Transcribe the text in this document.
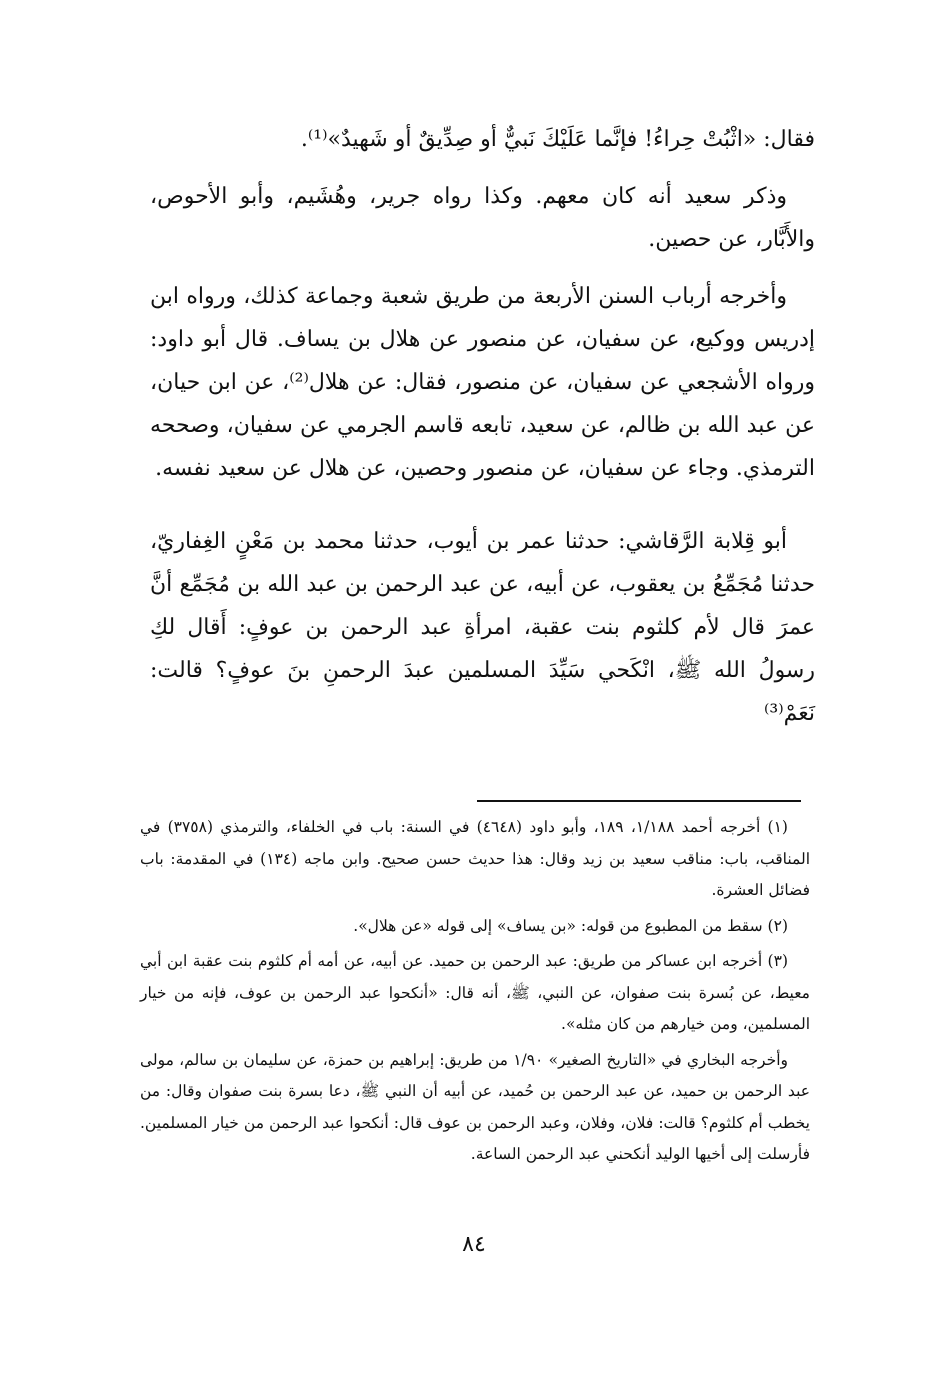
فقال: «اثْبُتْ حِراءُ! فإنَّما عَلَيْكَ نَبيٌّ أو صِدِّيقٌ أو شَهيدٌ»⁽¹⁾.

وذكر سعيد أنه كان معهم. وكذا رواه جرير، وهُشَيم، وأبو الأحوص، والأَبَّار، عن حصين.

وأخرجه أرباب السنن الأربعة من طريق شعبة وجماعة كذلك، ورواه ابن إدريس ووكيع، عن سفيان، عن منصور عن هلال بن يساف. قال أبو داود: ورواه الأشجعي عن سفيان، عن منصور، فقال: عن هلال⁽²⁾، عن ابن حيان، عن عبد الله بن ظالم، عن سعيد، تابعه قاسم الجرمي عن سفيان، وصححه الترمذي. وجاء عن سفيان، عن منصور وحصين، عن هلال عن سعيد نفسه.

أبو قِلابة الرَّقاشي: حدثنا عمر بن أيوب، حدثنا محمد بن مَعْنٍ الغِفاريّ، حدثنا مُجَمِّعُ بن يعقوب، عن أبيه، عن عبد الرحمن بن عبد الله بن مُجَمِّع أنَّ عمرَ قال لأم كلثوم بنت عقبة، امرأةِ عبد الرحمن بن عوفٍ: أَقال لكِ رسولُ الله ﷺ، انْكَحي سَيِّدَ المسلمين عبدَ الرحمنِ بنَ عوفٍ؟ قالت: نَعَمْ⁽³⁾

(١) أخرجه أحمد ١/١٨٨، ١٨٩، وأبو داود (٤٦٤٨) في السنة: باب في الخلفاء، والترمذي (٣٧٥٨) في المناقب، باب: مناقب سعيد بن زيد وقال: هذا حديث حسن صحيح. وابن ماجه (١٣٤) في المقدمة: باب فضائل العشرة.

(٢) سقط من المطبوع من قوله: «بن يساف» إلى قوله «عن هلال».

(٣) أخرجه ابن عساكر من طريق: عبد الرحمن بن حميد. عن أبيه، عن أمه أم كلثوم بنت عقبة ابن أبي معيط، عن بُسرة بنت صفوان، عن النبي، ﷺ، أنه قال: «أنكحوا عبد الرحمن بن عوف، فإنه من خيار المسلمين، ومن خيارهم من كان مثله».

وأخرجه البخاري في «التاريخ الصغير» ١/٩٠ من طريق: إبراهيم بن حمزة، عن سليمان بن سالم، مولى عبد الرحمن بن حميد، عن عبد الرحمن بن حُميد، عن أبيه أن النبي ﷺ، دعا بسرة بنت صفوان وقال: من يخطب أم كلثوم؟ قالت: فلان، وفلان، وعبد الرحمن بن عوف قال: أنكحوا عبد الرحمن من خيار المسلمين. فأرسلت إلى أخيها الوليد أنكحني عبد الرحمن الساعة.

٨٤
